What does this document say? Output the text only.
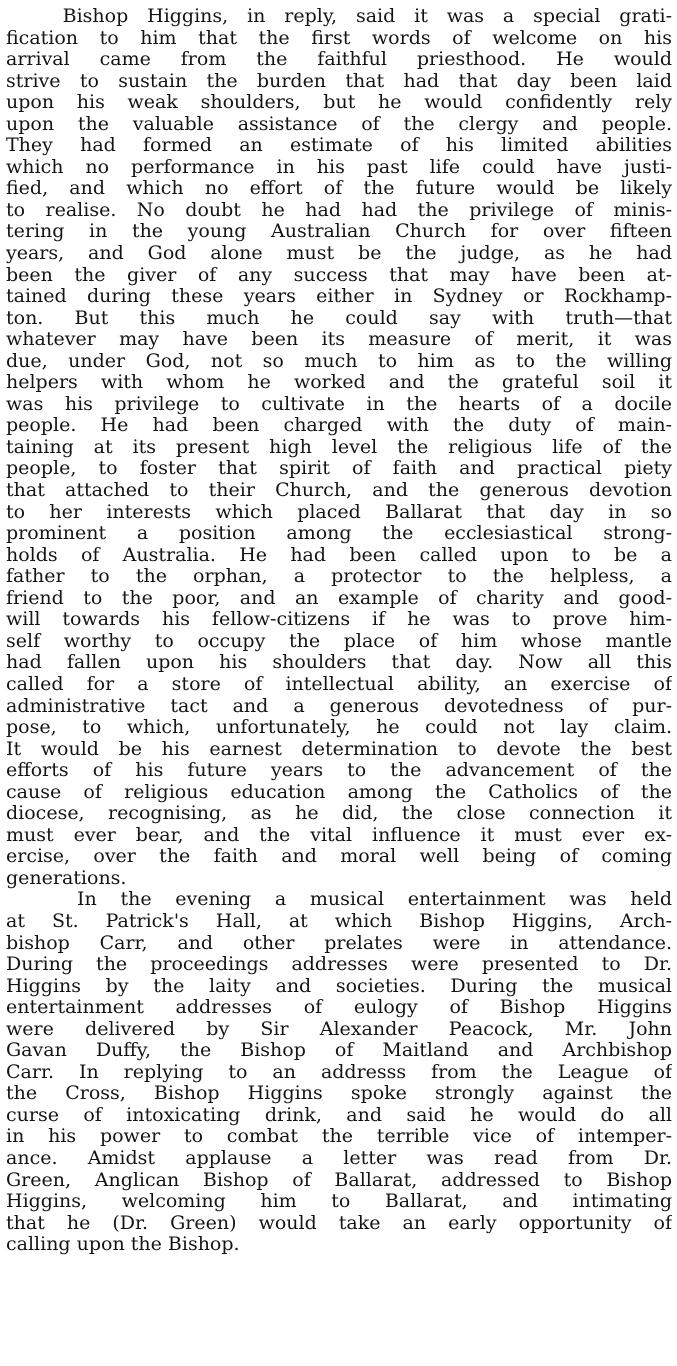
Bishop Higgins, in reply, said it was a special grati-
fication to him that the first words of welcome on his
arrival came from the faithful priesthood. He would
strive to sustain the burden that had that day been laid
upon his weak shoulders, but he would confidently rely
upon the valuable assistance of the clergy and people.
They had formed an estimate of his limited abilities
which no performance in his past life could have justi-
fied, and which no effort of the future would be likely
to realise. No doubt he had had the privilege of minis-
tering in the young Australian Church for over fifteen
years, and God alone must be the judge, as he had
been the giver of any success that may have been at-
tained during these years either in Sydney or Rockhamp-
ton. But this much he could say with truth—that
whatever may have been its measure of merit, it was
due, under God, not so much to him as to the willing
helpers with whom he worked and the grateful soil it
was his privilege to cultivate in the hearts of a docile
people. He had been charged with the duty of main-
taining at its present high level the religious life of the
people, to foster that spirit of faith and practical piety
that attached to their Church, and the generous devotion
to her interests which placed Ballarat that day in so
prominent a position among the ecclesiastical strong-
holds of Australia. He had been called upon to be a
father to the orphan, a protector to the helpless, a
friend to the poor, and an example of charity and good-
will towards his fellow-citizens if he was to prove him-
self worthy to occupy the place of him whose mantle
had fallen upon his shoulders that day. Now all this
called for a store of intellectual ability, an exercise of
administrative tact and a generous devotedness of pur-
pose, to which, unfortunately, he could not lay claim.
It would be his earnest determination to devote the best
efforts of his future years to the advancement of the
cause of religious education among the Catholics of the
diocese, recognising, as he did, the close connection it
must ever bear, and the vital influence it must ever ex-
ercise, over the faith and moral well being of coming
generations.
In the evening a musical entertainment was held
at St. Patrick's Hall, at which Bishop Higgins, Arch-
bishop Carr, and other prelates were in attendance.
During the proceedings addresses were presented to Dr.
Higgins by the laity and societies. During the musical
entertainment addresses of eulogy of Bishop Higgins
were delivered by Sir Alexander Peacock, Mr. John
Gavan Duffy, the Bishop of Maitland and Archbishop
Carr. In replying to an addresss from the League of
the Cross, Bishop Higgins spoke strongly against the
curse of intoxicating drink, and said he would do all
in his power to combat the terrible vice of intemper-
ance. Amidst applause a letter was read from Dr.
Green, Anglican Bishop of Ballarat, addressed to Bishop
Higgins, welcoming him to Ballarat, and intimating
that he (Dr. Green) would take an early opportunity of
calling upon the Bishop.
